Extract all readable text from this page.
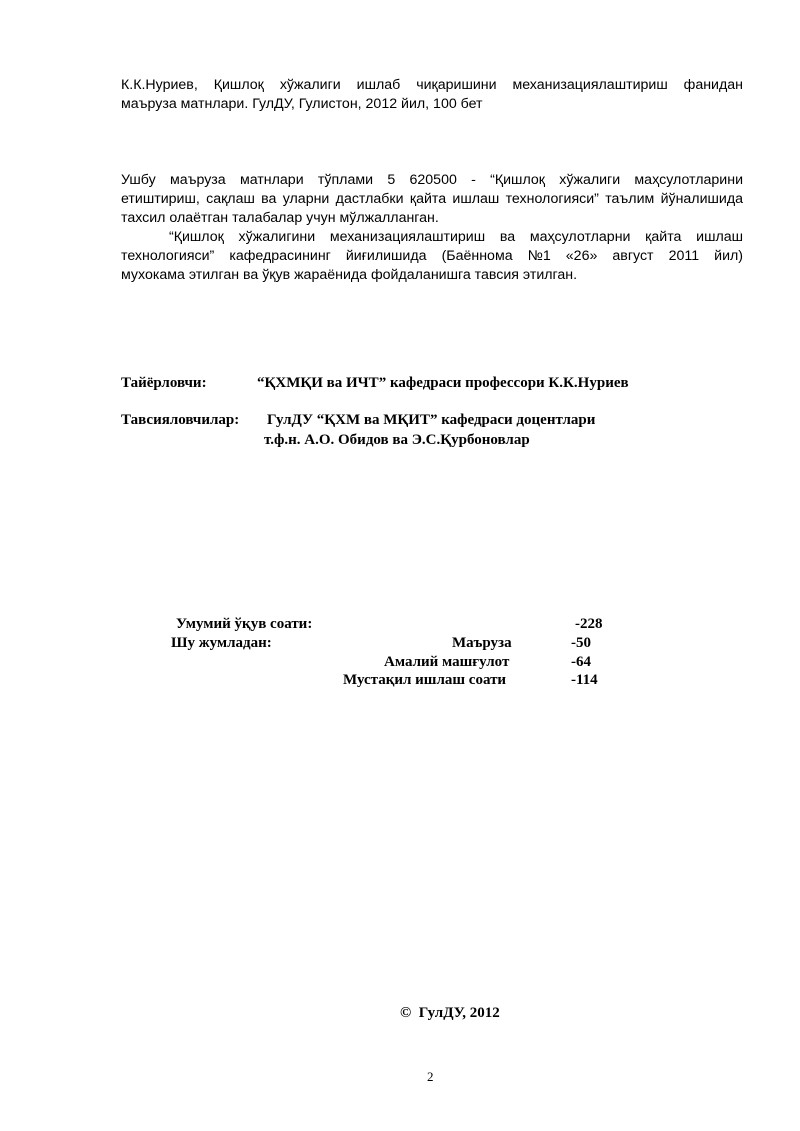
К.К.Нуриев, Қишлоқ хўжалиги ишлаб чиқаришини механизациялаштириш фанидан
маъруза матнлари. ГулДУ, Гулистон, 2012 йил, 100 бет
Ушбу маъруза матнлари тўплами 5 620500 - “Қишлоқ хўжалиги маҳсулотларини
етиштириш, сақлаш ва уларни дастлабки қайта ишлаш технологияси” таълим йўналишида
тахсил олаётган талабалар учун мўлжалланган.
“Қишлоқ хўжалигини механизациялаштириш ва маҳсулотларни қайта ишлаш
технологияси” кафедрасининг йиғилишида (Баённома №1 «26» август 2011 йил)
мухокама этилган ва ўқув жараёнида фойдаланишга тавсия этилган.
Тайёрловчи:	“ҚХМҚИ ва ИЧТ” кафедраси профессори К.К.Нуриев
Тавсияловчилар: ГулДУ “ҚХМ ва МҚИТ” кафедраси доцентлари
т.ф.н. А.О. Обидов ва Э.С.Қурбоновлар
Умумий ўқув соати:	-228
Шу жумладан:	Маъруза	-50
Амалий машғулот	-64
Мустақил ишлаш соати	-114
©  ГулДУ, 2012
2
